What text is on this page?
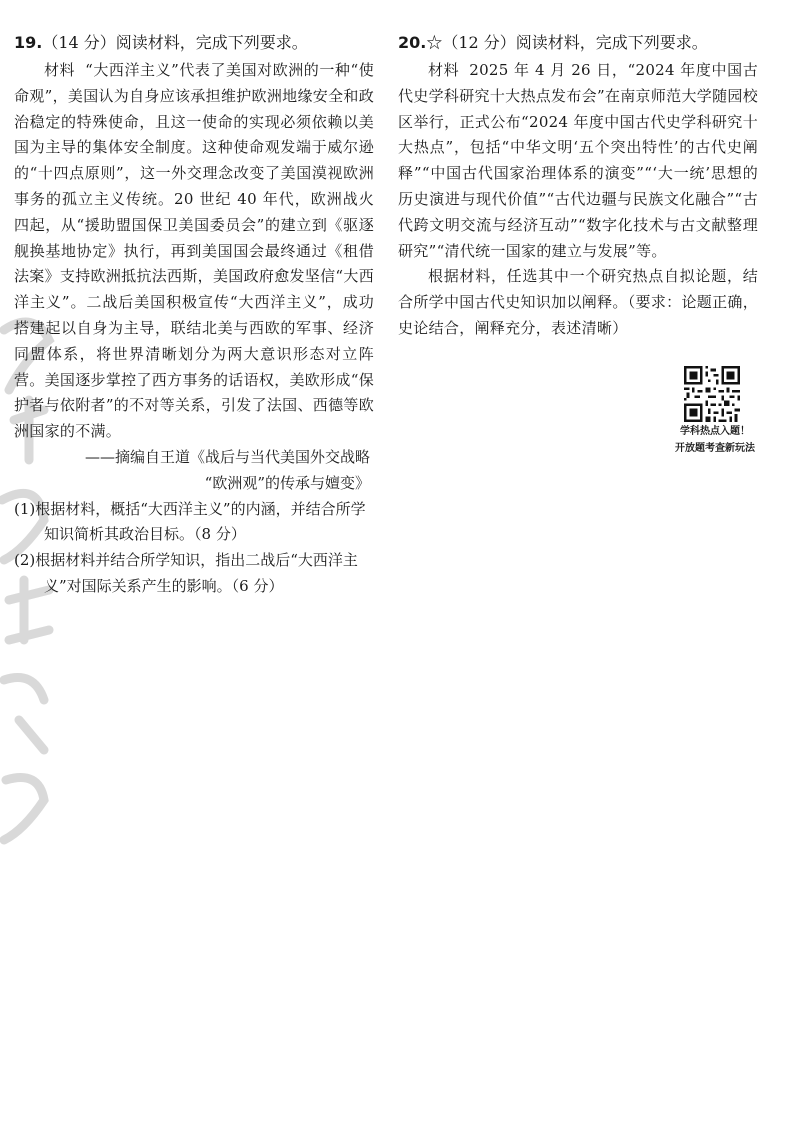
19.（14 分）阅读材料，完成下列要求。

材料 “大西洋主义”代表了美国对欧洲的一种“使命观”，美国认为自身应该承担维护欧洲地缘安全和政治稳定的特殊使命，且这一使命的实现必须依赖以美国为主导的集体安全制度。这种使命观发端于威尔逊的“十四点原则”，这一外交理念改变了美国漠视欧洲事务的孤立主义传统。20 世纪 40 年代，欧洲战火四起，从“援助盟国保卫美国委员会”的建立到《驱逐舰换基地协定》执行，再到美国国会最终通过《租借法案》支持欧洲抵抗法西斯，美国政府愈发坚信“大西洋主义”。二战后美国积极宣传“大西洋主义”，成功搭建起以自身为主导，联结北美与西欧的军事、经济同盟体系，将世界清晰划分为两大意识形态对立阵营。美国逐步掌控了西方事务的话语权，美欧形成“保护者与依附者”的不对等关系，引发了法国、西德等欧洲国家的不满。

——摘编自王道《战后与当代美国外交战略
“欧洲观”的传承与嬗变》

(1)根据材料，概括“大西洋主义”的内涵，并结合所学知识简析其政治目标。（8 分）

(2)根据材料并结合所学知识，指出二战后“大西洋主义”对国际关系产生的影响。（6 分）

20.☆（12 分）阅读材料，完成下列要求。

材料 2025 年 4 月 26 日，“2024 年度中国古代史学科研究十大热点发布会”在南京师范大学随园校区举行，正式公布“2024 年度中国古代史学科研究十大热点”，包括“中华文明‘五个突出特性’的古代史阐释”“中国古代国家治理体系的演变”“‘大一统’思想的历史演进与现代价值”“古代边疆与民族文化融合”“古代跨文明交流与经济互动”“数字化技术与古文献整理研究”“清代统一国家的建立与发展”等。

根据材料，任选其中一个研究热点自拟论题，结合所学中国古代史知识加以阐释。（要求：论题正确，史论结合，阐释充分，表述清晰）

学科热点入题！
开放题考查新玩法
